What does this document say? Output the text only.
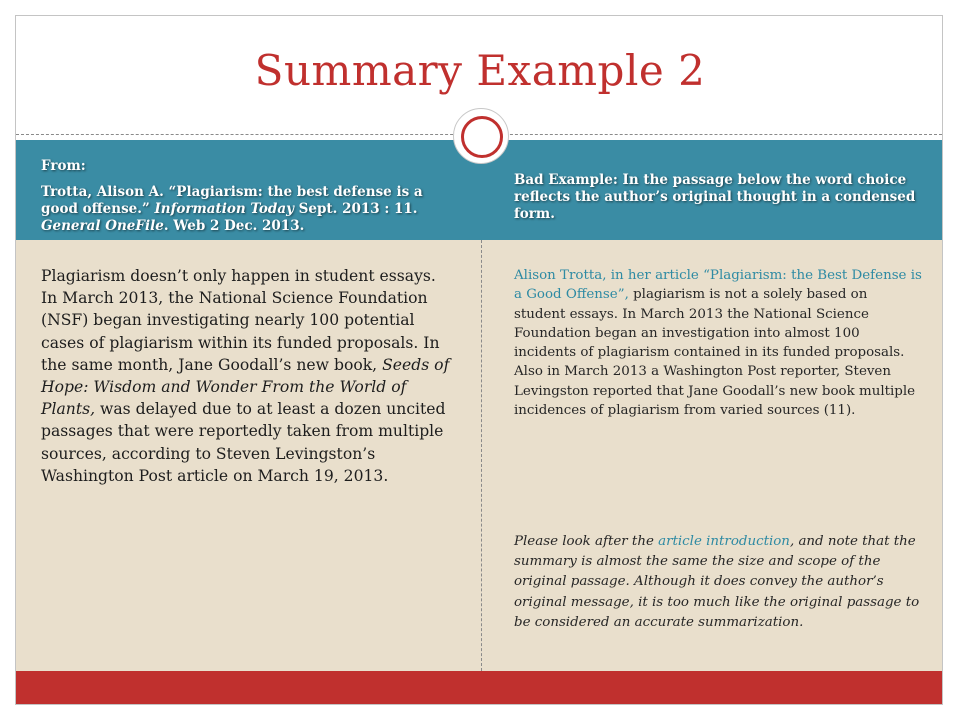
Summary Example 2
From:
Trotta, Alison A. “Plagiarism: the best defense is a good offense.” Information Today Sept. 2013 : 11. General OneFile. Web 2 Dec. 2013.
Bad Example: In the passage below the word choice reflects the author’s original thought in a condensed form.
Plagiarism doesn’t only happen in student essays. In March 2013, the National Science Foundation (NSF) began investigating nearly 100 potential cases of plagiarism within its funded proposals. In the same month, Jane Goodall’s new book, Seeds of Hope: Wisdom and Wonder From the World of Plants, was delayed due to at least a dozen uncited passages that were reportedly taken from multiple sources, according to Steven Levingston’s Washington Post article on March 19, 2013.
Alison Trotta, in her article “Plagiarism: the Best Defense is a Good Offense”, plagiarism is not a solely based on student essays. In March 2013 the National Science Foundation began an investigation into almost 100 incidents of plagiarism contained in its funded proposals. Also in March 2013 a Washington Post reporter, Steven Levingston reported that Jane Goodall’s new book multiple incidences of plagiarism from varied sources (11).
Please look after the article introduction, and note that the summary is almost the same the size and scope of the original passage. Although it does convey the author’s original message, it is too much like the original passage to be considered an accurate summarization.
